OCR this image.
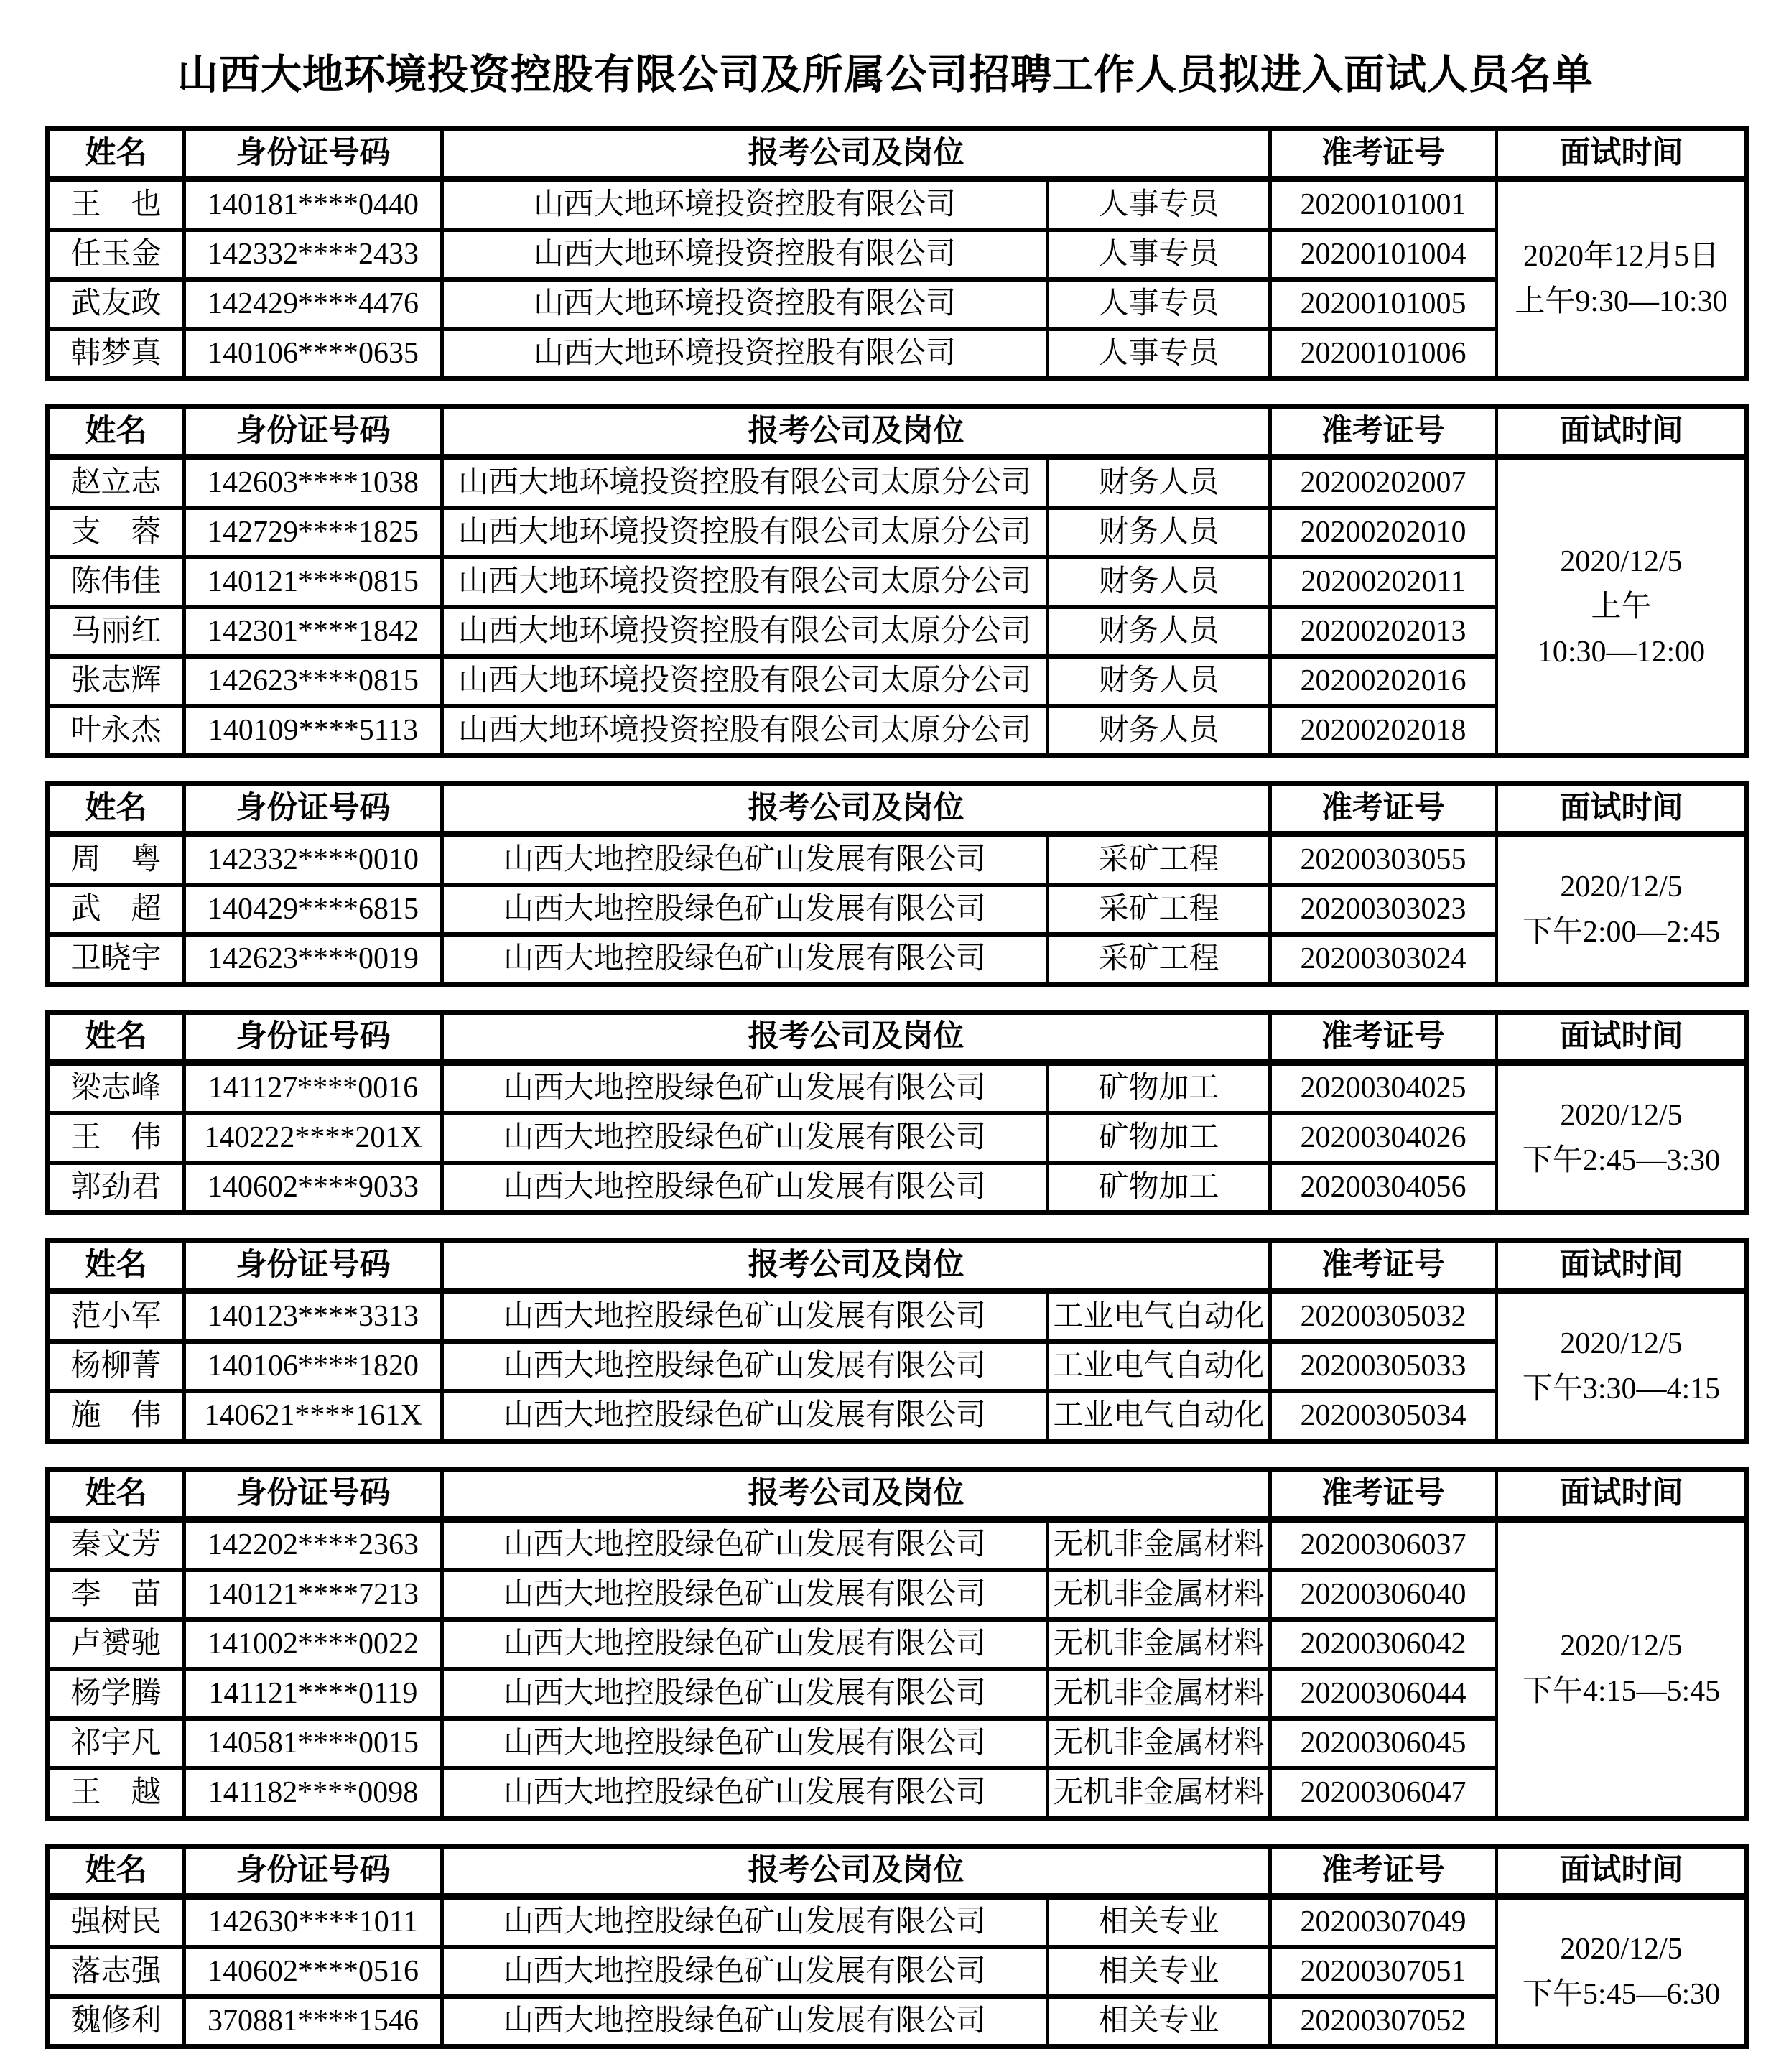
山西大地环境投资控股有限公司及所属公司招聘工作人员拟进入面试人员名单
姓名	身份证号码	报考公司及岗位		准考证号	面试时间
王　也	140181****0440	山西大地环境投资控股有限公司	人事专员	20200101001	2020年12月5日
上午9:30—10:30

任玉金	142332****2433	山西大地环境投资控股有限公司	人事专员	20200101004	
武友政	142429****4476	山西大地环境投资控股有限公司	人事专员	20200101005	
韩梦真	140106****0635	山西大地环境投资控股有限公司	人事专员	20200101006	
姓名	身份证号码	报考公司及岗位		准考证号	面试时间
赵立志	142603****1038	山西大地环境投资控股有限公司太原分公司	财务人员	20200202007	2020/12/5
上午
10:30—12:00

支　蓉	142729****1825	山西大地环境投资控股有限公司太原分公司	财务人员	20200202010	
陈伟佳	140121****0815	山西大地环境投资控股有限公司太原分公司	财务人员	20200202011	
马丽红	142301****1842	山西大地环境投资控股有限公司太原分公司	财务人员	20200202013	
张志辉	142623****0815	山西大地环境投资控股有限公司太原分公司	财务人员	20200202016	
叶永杰	140109****5113	山西大地环境投资控股有限公司太原分公司	财务人员	20200202018	
姓名	身份证号码	报考公司及岗位		准考证号	面试时间
周　粤	142332****0010	山西大地控股绿色矿山发展有限公司	采矿工程	20200303055	2020/12/5
下午2:00—2:45

武　超	140429****6815	山西大地控股绿色矿山发展有限公司	采矿工程	20200303023	
卫晓宇	142623****0019	山西大地控股绿色矿山发展有限公司	采矿工程	20200303024	
姓名	身份证号码	报考公司及岗位		准考证号	面试时间
梁志峰	141127****0016	山西大地控股绿色矿山发展有限公司	矿物加工	20200304025	2020/12/5
下午2:45—3:30

王　伟	140222****201X	山西大地控股绿色矿山发展有限公司	矿物加工	20200304026	
郭劲君	140602****9033	山西大地控股绿色矿山发展有限公司	矿物加工	20200304056	
姓名	身份证号码	报考公司及岗位		准考证号	面试时间
范小军	140123****3313	山西大地控股绿色矿山发展有限公司	工业电气自动化	20200305032	2020/12/5
下午3:30—4:15

杨柳菁	140106****1820	山西大地控股绿色矿山发展有限公司	工业电气自动化	20200305033	
施　伟	140621****161X	山西大地控股绿色矿山发展有限公司	工业电气自动化	20200305034	
姓名	身份证号码	报考公司及岗位		准考证号	面试时间
秦文芳	142202****2363	山西大地控股绿色矿山发展有限公司	无机非金属材料	20200306037	2020/12/5
下午4:15—5:45

李　苗	140121****7213	山西大地控股绿色矿山发展有限公司	无机非金属材料	20200306040	
卢赟驰	141002****0022	山西大地控股绿色矿山发展有限公司	无机非金属材料	20200306042	
杨学腾	141121****0119	山西大地控股绿色矿山发展有限公司	无机非金属材料	20200306044	
祁宇凡	140581****0015	山西大地控股绿色矿山发展有限公司	无机非金属材料	20200306045	
王　越	141182****0098	山西大地控股绿色矿山发展有限公司	无机非金属材料	20200306047	
姓名	身份证号码	报考公司及岗位		准考证号	面试时间
强树民	142630****1011	山西大地控股绿色矿山发展有限公司	相关专业	20200307049	2020/12/5
下午5:45—6:30

落志强	140602****0516	山西大地控股绿色矿山发展有限公司	相关专业	20200307051	
魏修利	370881****1546	山西大地控股绿色矿山发展有限公司	相关专业	20200307052	
